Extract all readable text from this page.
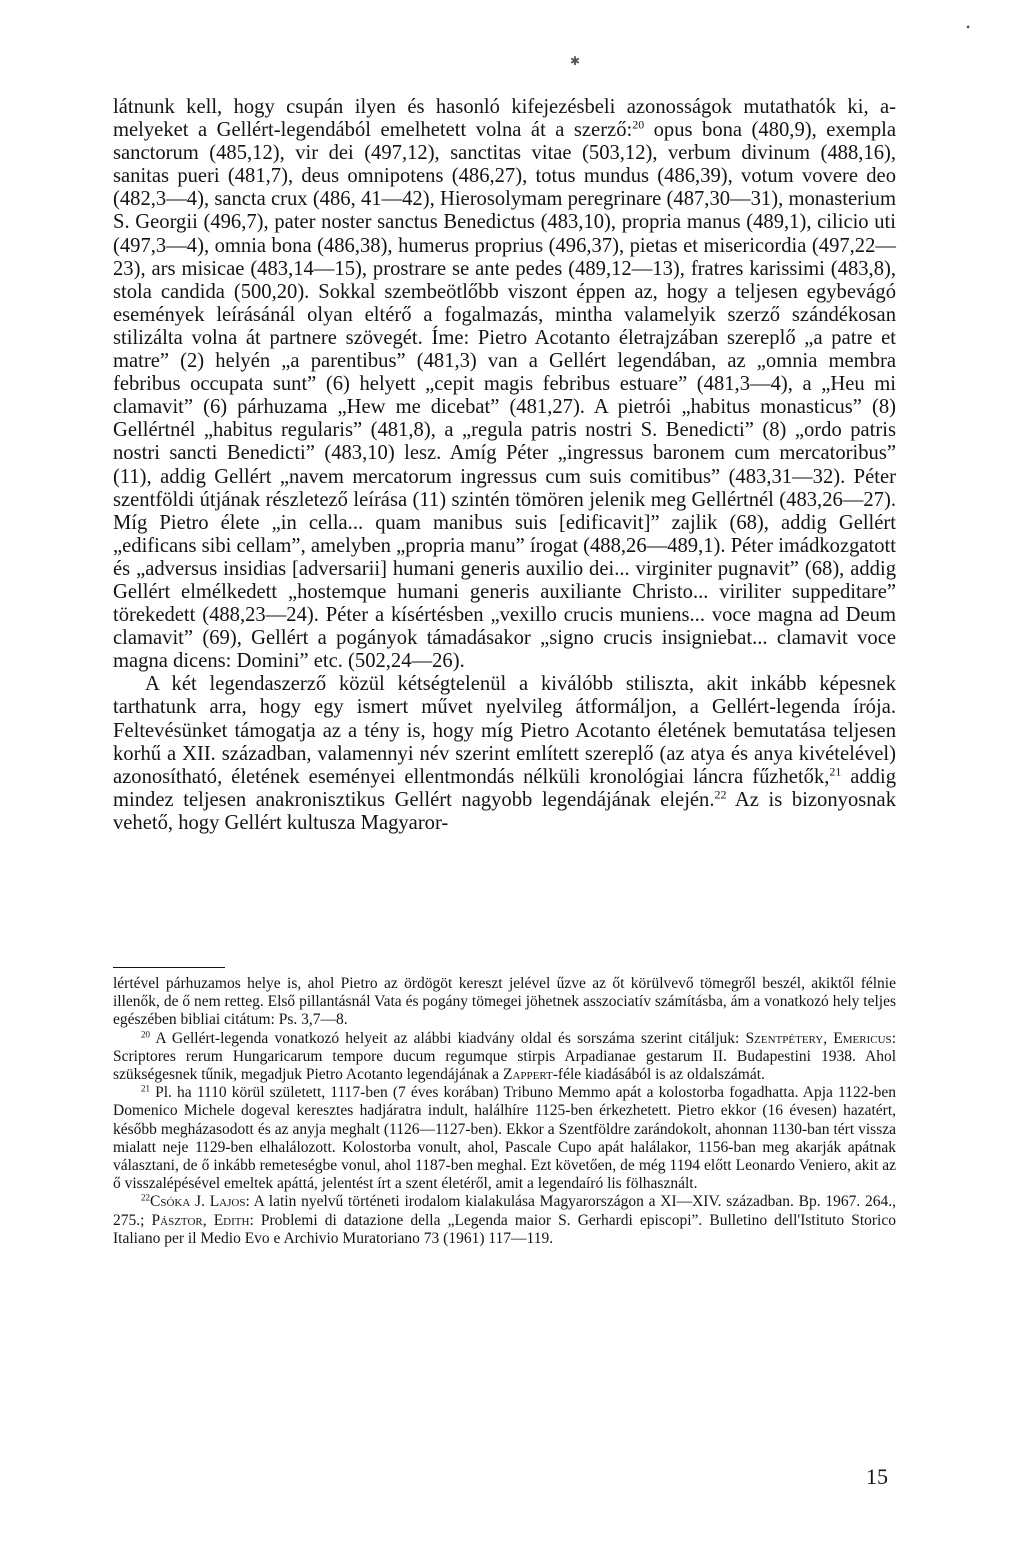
✱
•

látnunk kell, hogy csupán ilyen és hasonló kifejezésbeli azonosságok mutathatók ki, a-melyeket a Gellért-legendából emelhetett volna át a szerző:$^{20}$ opus bona (480,9), exempla sanctorum (485,12), vir dei (497,12), sanctitas vitae (503,12), verbum divinum (488,16), sanitas pueri (481,7), deus omnipotens (486,27), totus mundus (486,39), votum vovere deo (482,3—4), sancta crux (486, 41—42), Hierosolymam peregrinare (487,30—31), monasterium S. Georgii (496,7), pater noster sanctus Benedictus (483,10), propria manus (489,1), cilicio uti (497,3—4), omnia bona (486,38), humerus proprius (496,37), pietas et misericordia (497,22—23), ars misicae (483,14—15), prostrare se ante pedes (489,12—13), fratres karissimi (483,8), stola candida (500,20). Sokkal szembeötlőbb viszont éppen az, hogy a teljesen egybevágó események leírásánál olyan eltérő a fogalmazás, mintha valamelyik szerző szándékosan stilizálta volna át partnere szövegét. Íme: Pietro Acotanto életrajzában szereplő „a patre et matre” (2) helyén „a parentibus” (481,3) van a Gellért legendában, az „omnia membra febribus occupata sunt” (6) helyett „cepit magis febribus estuare” (481,3—4), a „Heu mi clamavit” (6) párhuzama „Hew me dicebat” (481,27). A pietrói „habitus monasticus” (8) Gellértnél „habitus regularis” (481,8), a „regula patris nostri S. Benedicti” (8) „ordo patris nostri sancti Benedicti” (483,10) lesz. Amíg Péter „ingressus baronem cum mercatoribus” (11), addig Gellért „navem mercatorum ingressus cum suis comitibus” (483,31—32). Péter szentföldi útjának részletező leírása (11) szintén tömören jelenik meg Gellértnél (483,26—27). Míg Pietro élete „in cella... quam manibus suis [edificavit]” zajlik (68), addig Gellért „edificans sibi cellam”, amelyben „propria manu” írogat (488,26—489,1). Péter imádkozgatott és „adversus insidias [adversarii] humani generis auxilio dei... virginiter pugnavit” (68), addig Gellért elmélkedett „hostemque humani generis auxiliante Christo... viriliter suppeditare” törekedett (488,23—24). Péter a kísértésben „vexillo crucis muniens... voce magna ad Deum clamavit” (69), Gellért a pogányok támadásakor „signo crucis insigniebat... clamavit voce magna dicens: Domini” etc. (502,24—26).

A két legendaszerző közül kétségtelenül a kiválóbb stiliszta, akit inkább képesnek tarthatunk arra, hogy egy ismert művet nyelvileg átformáljon, a Gellért-legenda írója. Feltevésünket támogatja az a tény is, hogy míg Pietro Acotanto életének bemutatása teljesen korhű a XII. században, valamennyi név szerint említett szereplő (az atya és anya kivételével) azonosítható, életének eseményei ellentmondás nélküli kronológiai láncra fűzhetők,$^{21}$ addig mindez teljesen anakronisztikus Gellért nagyobb legendájának elején.$^{22}$ Az is bizonyosnak vehető, hogy Gellért kultusza Magyaror-

lértével párhuzamos helye is, ahol Pietro az ördögöt kereszt jelével űzve az őt körülvevő tömegről beszél, akiktől félnie illenők, de ő nem retteg. Első pillantásnál Vata és pogány tömegei jöhetnek asszociatív számításba, ám a vonatkozó hely teljes egészében bibliai citátum: Ps. 3,7—8.

$^{20}$ A Gellért-legenda vonatkozó helyeit az alábbi kiadvány oldal és sorszáma szerint citáljuk: Szentpétery, Emericus: Scriptores rerum Hungaricarum tempore ducum regumque stirpis Arpadianae gestarum II. Budapestini 1938. Ahol szükségesnek tűnik, megadjuk Pietro Acotanto legendájának a Zappert-féle kiadásából is az oldalszámát.

$^{21}$ Pl. ha 1110 körül született, 1117-ben (7 éves korában) Tribuno Memmo apát a kolostorba fogadhatta. Apja 1122-ben Domenico Michele dogeval keresztes hadjáratra indult, halálhíre 1125-ben érkezhetett. Pietro ekkor (16 évesen) hazatért, később megházasodott és az anyja meghalt (1126—1127-ben). Ekkor a Szentföldre zarándokolt, ahonnan 1130-ban tért vissza mialatt neje 1129-ben elhalálozott. Kolostorba vonult, ahol, Pascale Cupo apát halálakor, 1156-ban meg akarják apátnak választani, de ő inkább remeteségbe vonul, ahol 1187-ben meghal. Ezt követően, de még 1194 előtt Leonardo Veniero, akit az ő visszalépésével emeltek apáttá, jelentést írt a szent életéről, amit a legendaíró lis fölhasznált.

$^{22}$Csóka J. Lajos: A latin nyelvű történeti irodalom kialakulása Magyarországon a XI—XIV. században. Bp. 1967. 264., 275.; Pásztor, Edith: Problemi di datazione della „Legenda maior S. Gerhardi episcopi”. Bulletino dell'Istituto Storico Italiano per il Medio Evo e Archivio Muratoriano 73 (1961) 117—119.

15
